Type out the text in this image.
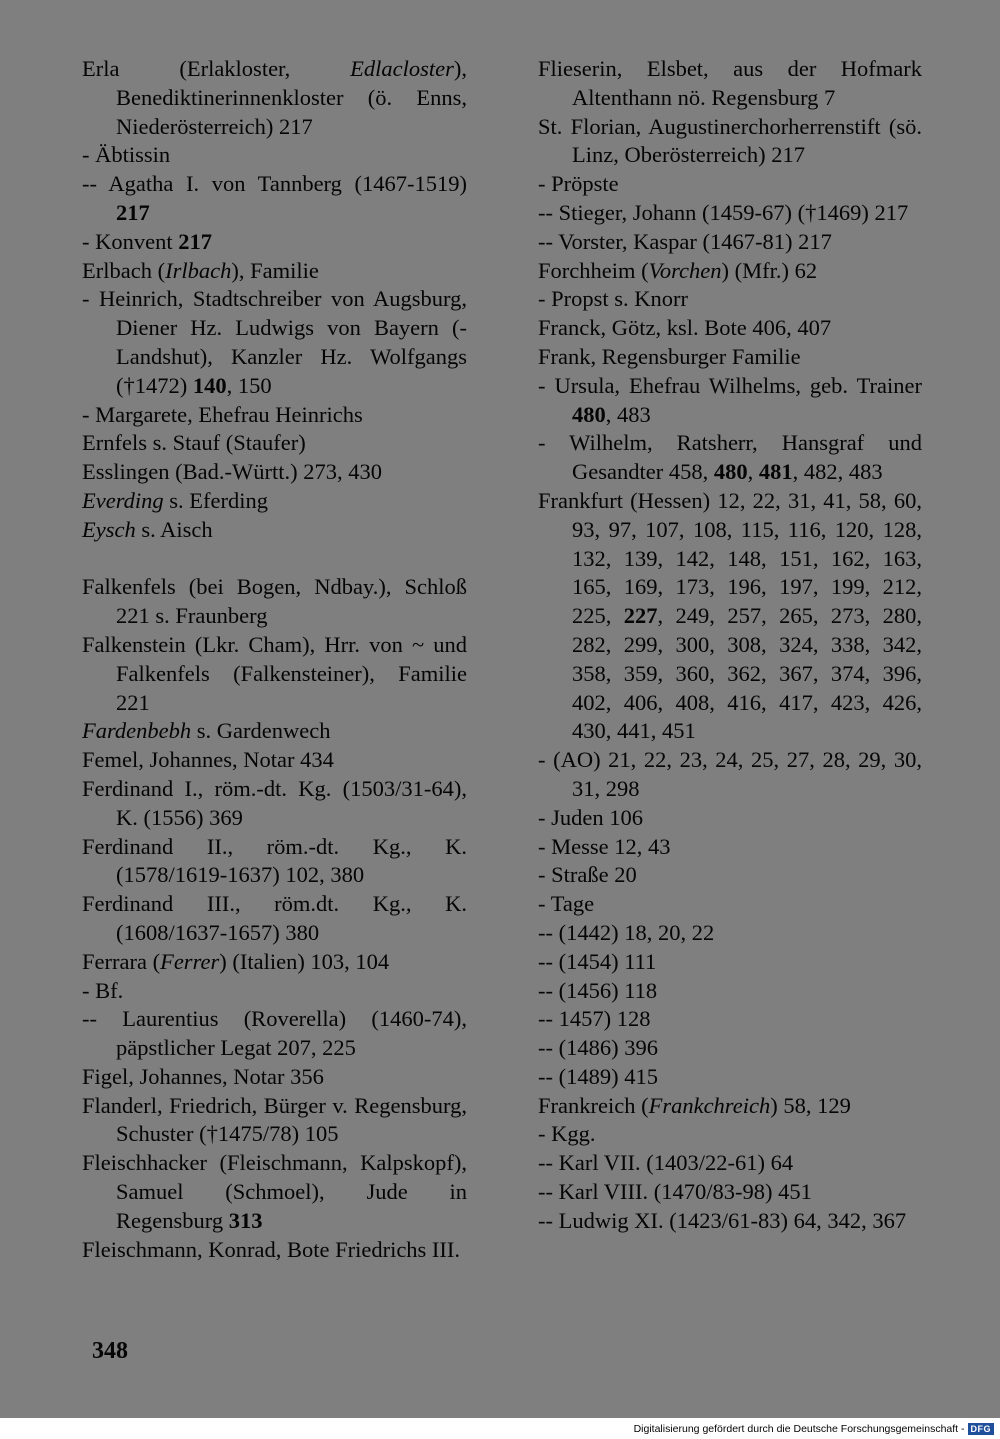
Erla (Erlakloster, Edlacloster), Benediktinerinnenkloster (ö. Enns, Niederösterreich) 217
- Äbtissin
-- Agatha I. von Tannberg (1467-1519) 217
- Konvent 217
Erlbach (Irlbach), Familie
- Heinrich, Stadtschreiber von Augsburg, Diener Hz. Ludwigs von Bayern (-Landshut), Kanzler Hz. Wolfgangs (†1472) 140, 150
- Margarete, Ehefrau Heinrichs
Ernfels s. Stauf (Staufer)
Esslingen (Bad.-Württ.) 273, 430
Everding s. Eferding
Eysch s. Aisch
Falkenfels (bei Bogen, Ndbay.), Schloß 221 s. Fraunberg
Falkenstein (Lkr. Cham), Hrr. von ~ und Falkenfels (Falkensteiner), Familie 221
Fardenbebh s. Gardenwech
Femel, Johannes, Notar 434
Ferdinand I., röm.-dt. Kg. (1503/31-64), K. (1556) 369
Ferdinand II., röm.-dt. Kg., K. (1578/1619-1637) 102, 380
Ferdinand III., röm.dt. Kg., K. (1608/1637-1657) 380
Ferrara (Ferrer) (Italien) 103, 104
- Bf.
-- Laurentius (Roverella) (1460-74), päpstlicher Legat 207, 225
Figel, Johannes, Notar 356
Flanderl, Friedrich, Bürger v. Regensburg, Schuster (†1475/78) 105
Fleischhacker (Fleischmann, Kalpskopf), Samuel (Schmoel), Jude in Regensburg 313
Fleischmann, Konrad, Bote Friedrichs III.
Flieserin, Elsbet, aus der Hofmark Altenthann nö. Regensburg 7
St. Florian, Augustinerchorherrenstift (sö. Linz, Oberösterreich) 217
- Pröpste
-- Stieger, Johann (1459-67) (†1469) 217
-- Vorster, Kaspar (1467-81) 217
Forchheim (Vorchen) (Mfr.) 62
- Propst s. Knorr
Franck, Götz, ksl. Bote 406, 407
Frank, Regensburger Familie
- Ursula, Ehefrau Wilhelms, geb. Trainer 480, 483
- Wilhelm, Ratsherr, Hansgraf und Gesandter 458, 480, 481, 482, 483
Frankfurt (Hessen) 12, 22, 31, 41, 58, 60, 93, 97, 107, 108, 115, 116, 120, 128, 132, 139, 142, 148, 151, 162, 163, 165, 169, 173, 196, 197, 199, 212, 225, 227, 249, 257, 265, 273, 280, 282, 299, 300, 308, 324, 338, 342, 358, 359, 360, 362, 367, 374, 396, 402, 406, 408, 416, 417, 423, 426, 430, 441, 451
- (AO) 21, 22, 23, 24, 25, 27, 28, 29, 30, 31, 298
- Juden 106
- Messe 12, 43
- Straße 20
- Tage
-- (1442) 18, 20, 22
-- (1454) 111
-- (1456) 118
-- 1457) 128
-- (1486) 396
-- (1489) 415
Frankreich (Frankchreich) 58, 129
- Kgg.
-- Karl VII. (1403/22-61) 64
-- Karl VIII. (1470/83-98) 451
-- Ludwig XI. (1423/61-83) 64, 342, 367
348
Digitalisierung gefördert durch die Deutsche Forschungsgemeinschaft - DFG
